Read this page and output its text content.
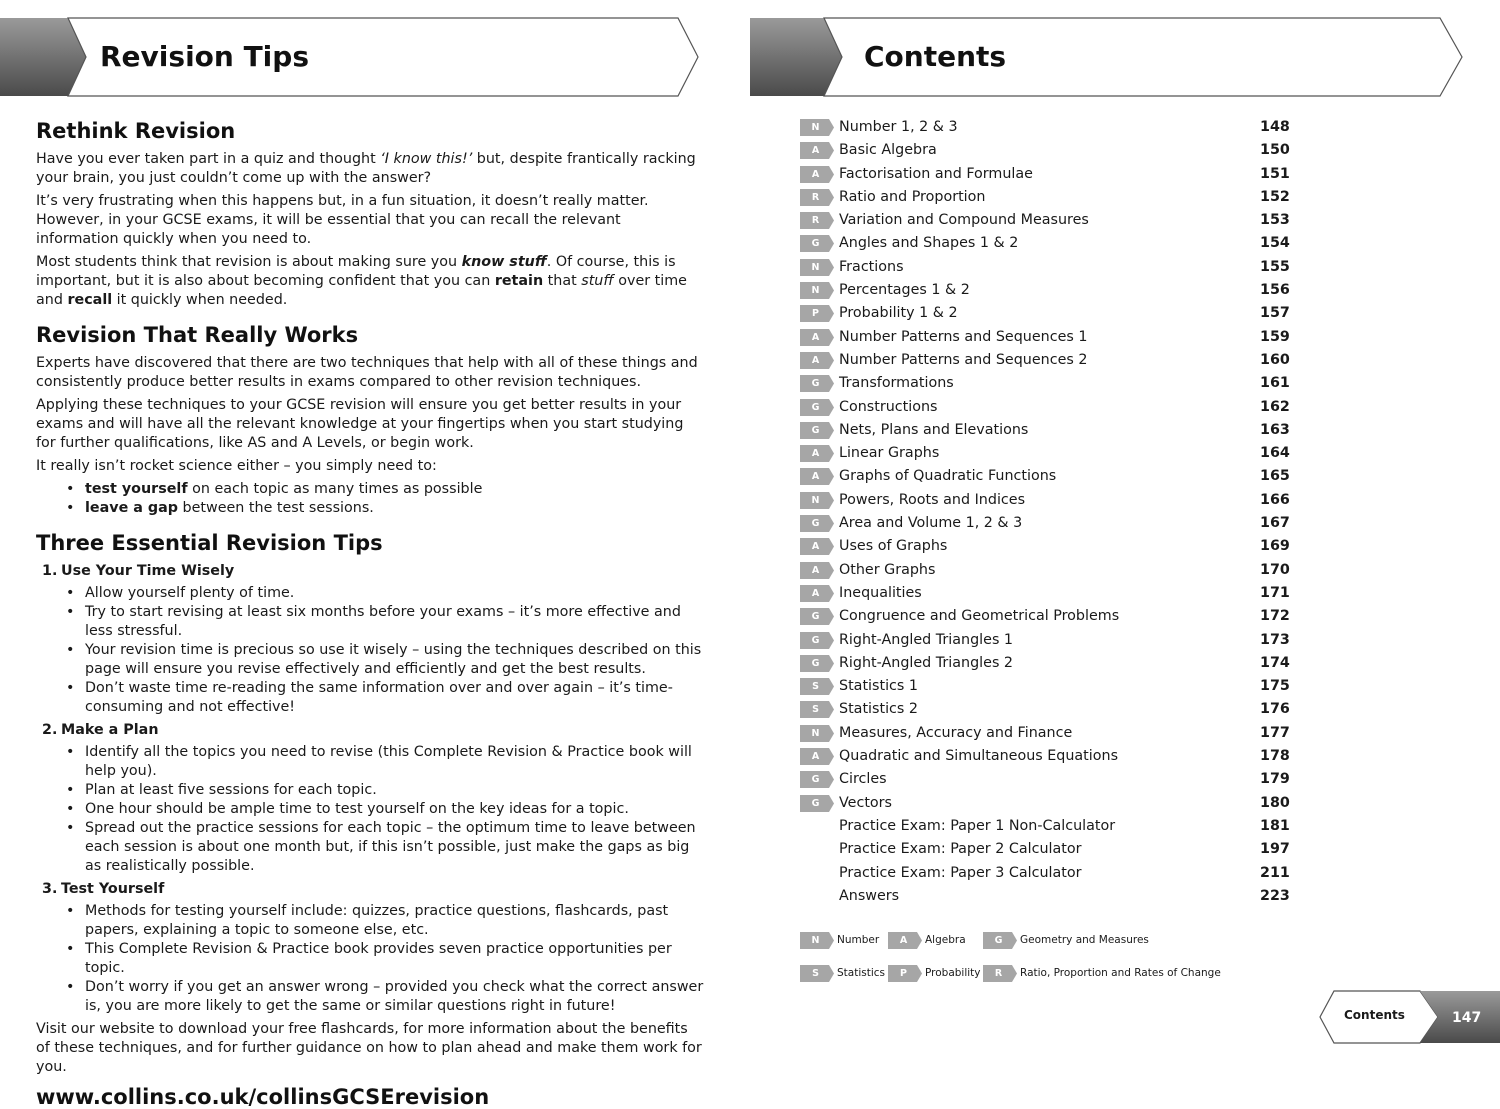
Revision Tips	Contents
Rethink Revision

Have you ever taken part in a quiz and thought ‘I know this!’ but, despite frantically racking your brain, you just couldn’t come up with the answer?

It’s very frustrating when this happens but, in a fun situation, it doesn’t really matter. However, in your GCSE exams, it will be essential that you can recall the relevant information quickly when you need to.

Most students think that revision is about making sure you know stuff. Of course, this is important, but it is also about becoming confident that you can retain that stuff over time and recall it quickly when needed.

Revision That Really Works

Experts have discovered that there are two techniques that help with all of these things and consistently produce better results in exams compared to other revision techniques.

Applying these techniques to your GCSE revision will ensure you get better results in your exams and will have all the relevant knowledge at your fingertips when you start studying for further qualifications, like AS and A Levels, or begin work.

It really isn’t rocket science either – you simply need to:

• test yourself on each topic as many times as possible
• leave a gap between the test sessions.
Three Essential Revision Tips
1. Use Your Time Wisely
• Allow yourself plenty of time.
• Try to start revising at least six months before your exams – it’s more effective and less stressful.
• Your revision time is precious so use it wisely – using the techniques described on this page will ensure you revise effectively and efficiently and get the best results.
• Don’t waste time re-reading the same information over and over again – it’s time-consuming and not effective!
2. Make a Plan
• Identify all the topics you need to revise (this Complete Revision & Practice book will help you).
• Plan at least five sessions for each topic.
• One hour should be ample time to test yourself on the key ideas for a topic.
• Spread out the practice sessions for each topic – the optimum time to leave between each session is about one month but, if this isn’t possible, just make the gaps as big as realistically possible.
3. Test Yourself
• Methods for testing yourself include: quizzes, practice questions, flashcards, past papers, explaining a topic to someone else, etc.
• This Complete Revision & Practice book provides seven practice opportunities per topic.
• Don’t worry if you get an answer wrong – provided you check what the correct answer is, you are more likely to get the same or similar questions right in future!

Visit our website to download your free flashcards, for more information about the benefits of these techniques, and for further guidance on how to plan ahead and make them work for you.

www.collins.co.uk/collinsGCSErevision
N	Number 1, 2 & 3	148
A	Basic Algebra	150
A	Factorisation and Formulae	151
R	Ratio and Proportion	152
R	Variation and Compound Measures	153
G	Angles and Shapes 1 & 2	154
N	Fractions	155
N	Percentages 1 & 2	156
P	Probability 1 & 2	157
A	Number Patterns and Sequences 1	159
A	Number Patterns and Sequences 2	160
G	Transformations	161
G	Constructions	162
G	Nets, Plans and Elevations	163
A	Linear Graphs	164
A	Graphs of Quadratic Functions	165
N	Powers, Roots and Indices	166
G	Area and Volume 1, 2 & 3	167
A	Uses of Graphs	169
A	Other Graphs	170
A	Inequalities	171
G	Congruence and Geometrical Problems	172
G	Right-Angled Triangles 1	173
G	Right-Angled Triangles 2	174
S	Statistics 1	175
S	Statistics 2	176
N	Measures, Accuracy and Finance	177
A	Quadratic and Simultaneous Equations	178
G	Circles	179
G	Vectors	180
Practice Exam: Paper 1 Non-Calculator	181
Practice Exam: Paper 2 Calculator	197
Practice Exam: Paper 3 Calculator	211
Answers	223
N	Number	A	Algebra	G	Geometry and Measures
S	Statistics	P	Probability	R	Ratio, Proportion and Rates of Change
Contents	147
